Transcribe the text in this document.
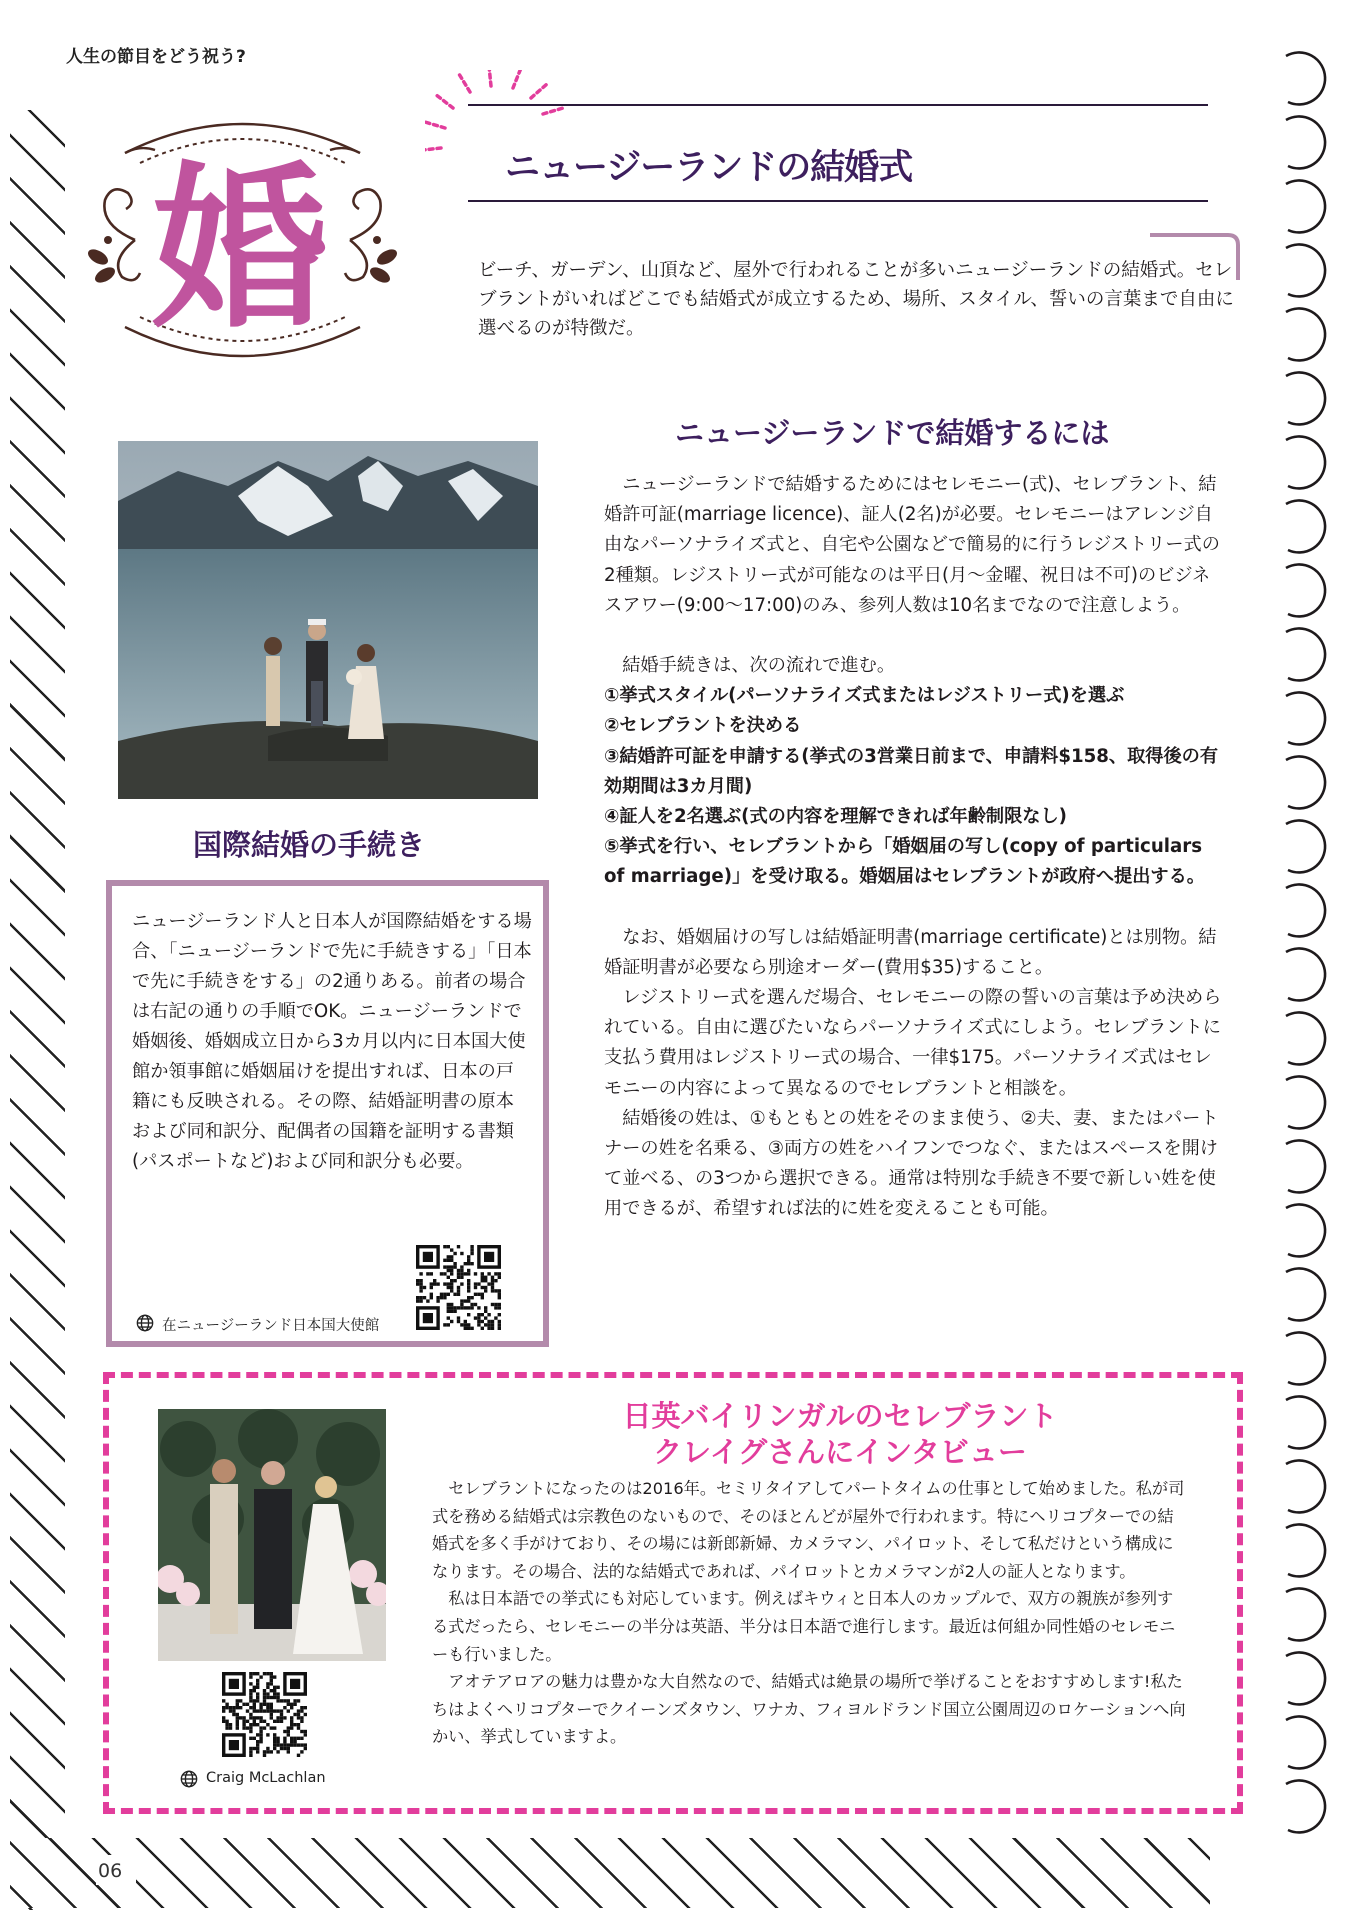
06
人生の節目をどう祝う?
婚	ニュージーランドの結婚式
ビーチ、ガーデン、山頂など、屋外で行われることが多いニュージーランドの結婚式。セレブラントがいればどこでも結婚式が成立するため、場所、スタイル、誓いの言葉まで自由に選べるのが特徴だ。
ニュージーランドで結婚するには

ニュージーランドで結婚するためにはセレモニー(式)、セレブラント、結婚許可証(marriage licence)、証人(2名)が必要。セレモニーはアレンジ自由なパーソナライズ式と、自宅や公園などで簡易的に行うレジストリー式の2種類。レジストリー式が可能なのは平日(月〜金曜、祝日は不可)のビジネスアワー(9:00〜17:00)のみ、参列人数は10名までなので注意しよう。

結婚手続きは、次の流れで進む。

①挙式スタイル(パーソナライズ式またはレジストリー式)を選ぶ

②セレブラントを決める

③結婚許可証を申請する(挙式の3営業日前まで、申請料$158、取得後の有効期間は3カ月間)

④証人を2名選ぶ(式の内容を理解できれば年齢制限なし)

⑤挙式を行い、セレブラントから「婚姻届の写し(copy of particulars of marriage)」を受け取る。婚姻届はセレブラントが政府へ提出する。

なお、婚姻届けの写しは結婚証明書(marriage certificate)とは別物。結婚証明書が必要なら別途オーダー(費用$35)すること。

レジストリー式を選んだ場合、セレモニーの際の誓いの言葉は予め決められている。自由に選びたいならパーソナライズ式にしよう。セレブラントに支払う費用はレジストリー式の場合、一律$175。パーソナライズ式はセレモニーの内容によって異なるのでセレブラントと相談を。

結婚後の姓は、①もともとの姓をそのまま使う、②夫、妻、またはパートナーの姓を名乗る、③両方の姓をハイフンでつなぐ、またはスペースを開けて並べる、の3つから選択できる。通常は特別な手続き不要で新しい姓を使用できるが、希望すれば法的に姓を変えることも可能。

国際結婚の手続き
ニュージーランド人と日本人が国際結婚をする場合、「ニュージーランドで先に手続きする」「日本で先に手続きをする」の2通りある。前者の場合は右記の通りの手順でOK。ニュージーランドで婚姻後、婚姻成立日から3カ月以内に日本国大使館か領事館に婚姻届けを提出すれば、日本の戸籍にも反映される。その際、結婚証明書の原本および同和訳分、配偶者の国籍を証明する書類(パスポートなど)および同和訳分も必要。
在ニュージーランド日本国大使館
Craig McLachlan
日英バイリンガルのセレブラント
クレイグさんにインタビュー

セレブラントになったのは2016年。セミリタイアしてパートタイムの仕事として始めました。私が司式を務める結婚式は宗教色のないもので、そのほとんどが屋外で行われます。特にヘリコプターでの結婚式を多く手がけており、その場には新郎新婦、カメラマン、パイロット、そして私だけという構成になります。その場合、法的な結婚式であれば、パイロットとカメラマンが2人の証人となります。

私は日本語での挙式にも対応しています。例えばキウィと日本人のカップルで、双方の親族が参列する式だったら、セレモニーの半分は英語、半分は日本語で進行します。最近は何組か同性婚のセレモニーも行いました。

アオテアロアの魅力は豊かな大自然なので、結婚式は絶景の場所で挙げることをおすすめします!私たちはよくヘリコプターでクイーンズタウン、ワナカ、フィヨルドランド国立公園周辺のロケーションへ向かい、挙式していますよ。
